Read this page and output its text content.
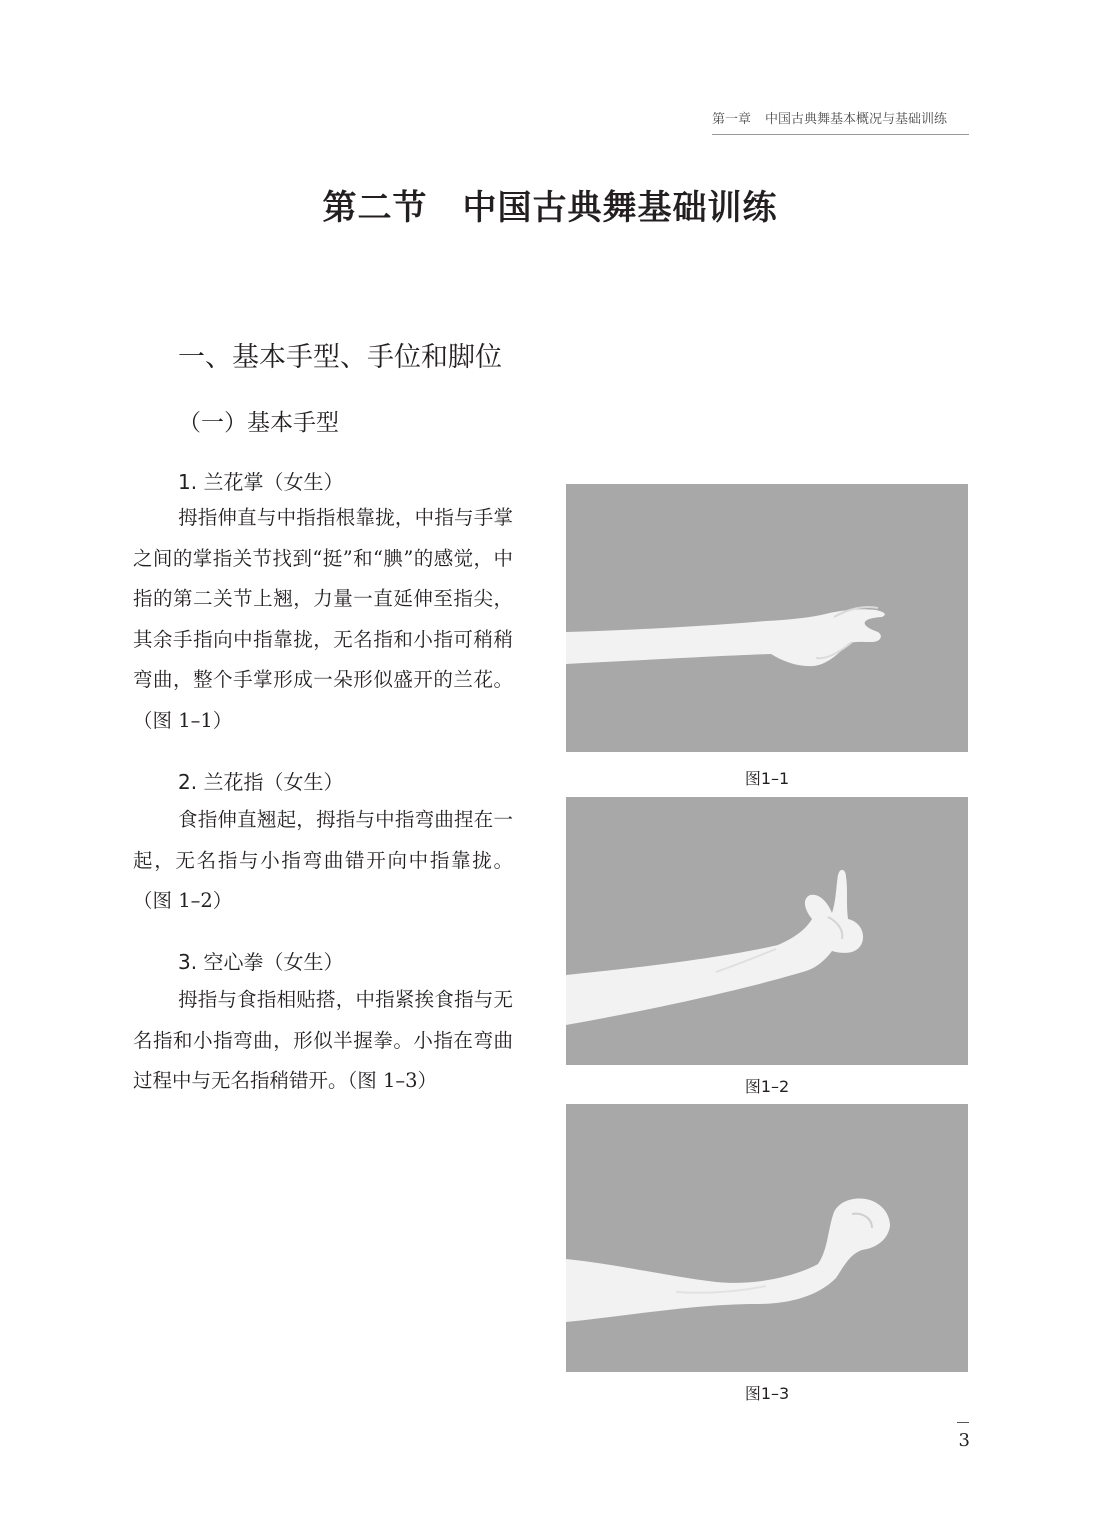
第一章 中国古典舞基本概况与基础训练
第二节　中国古典舞基础训练
一、基本手型、手位和脚位
（一）基本手型
1. 兰花掌（女生）
拇指伸直与中指指根靠拢，中指与手掌之间的掌指关节找到“挺”和“腆”的感觉，中指的第二关节上翘，力量一直延伸至指尖，其余手指向中指靠拢，无名指和小指可稍稍弯曲，整个手掌形成一朵形似盛开的兰花。（图 1–1）
2. 兰花指（女生）
食指伸直翘起，拇指与中指弯曲捏在一起，无名指与小指弯曲错开向中指靠拢。（图 1–2）
3. 空心拳（女生）
拇指与食指相贴搭，中指紧挨食指与无名指和小指弯曲，形似半握拳。小指在弯曲过程中与无名指稍错开。（图 1–3）
图1–1
图1–2
图1–3
3
